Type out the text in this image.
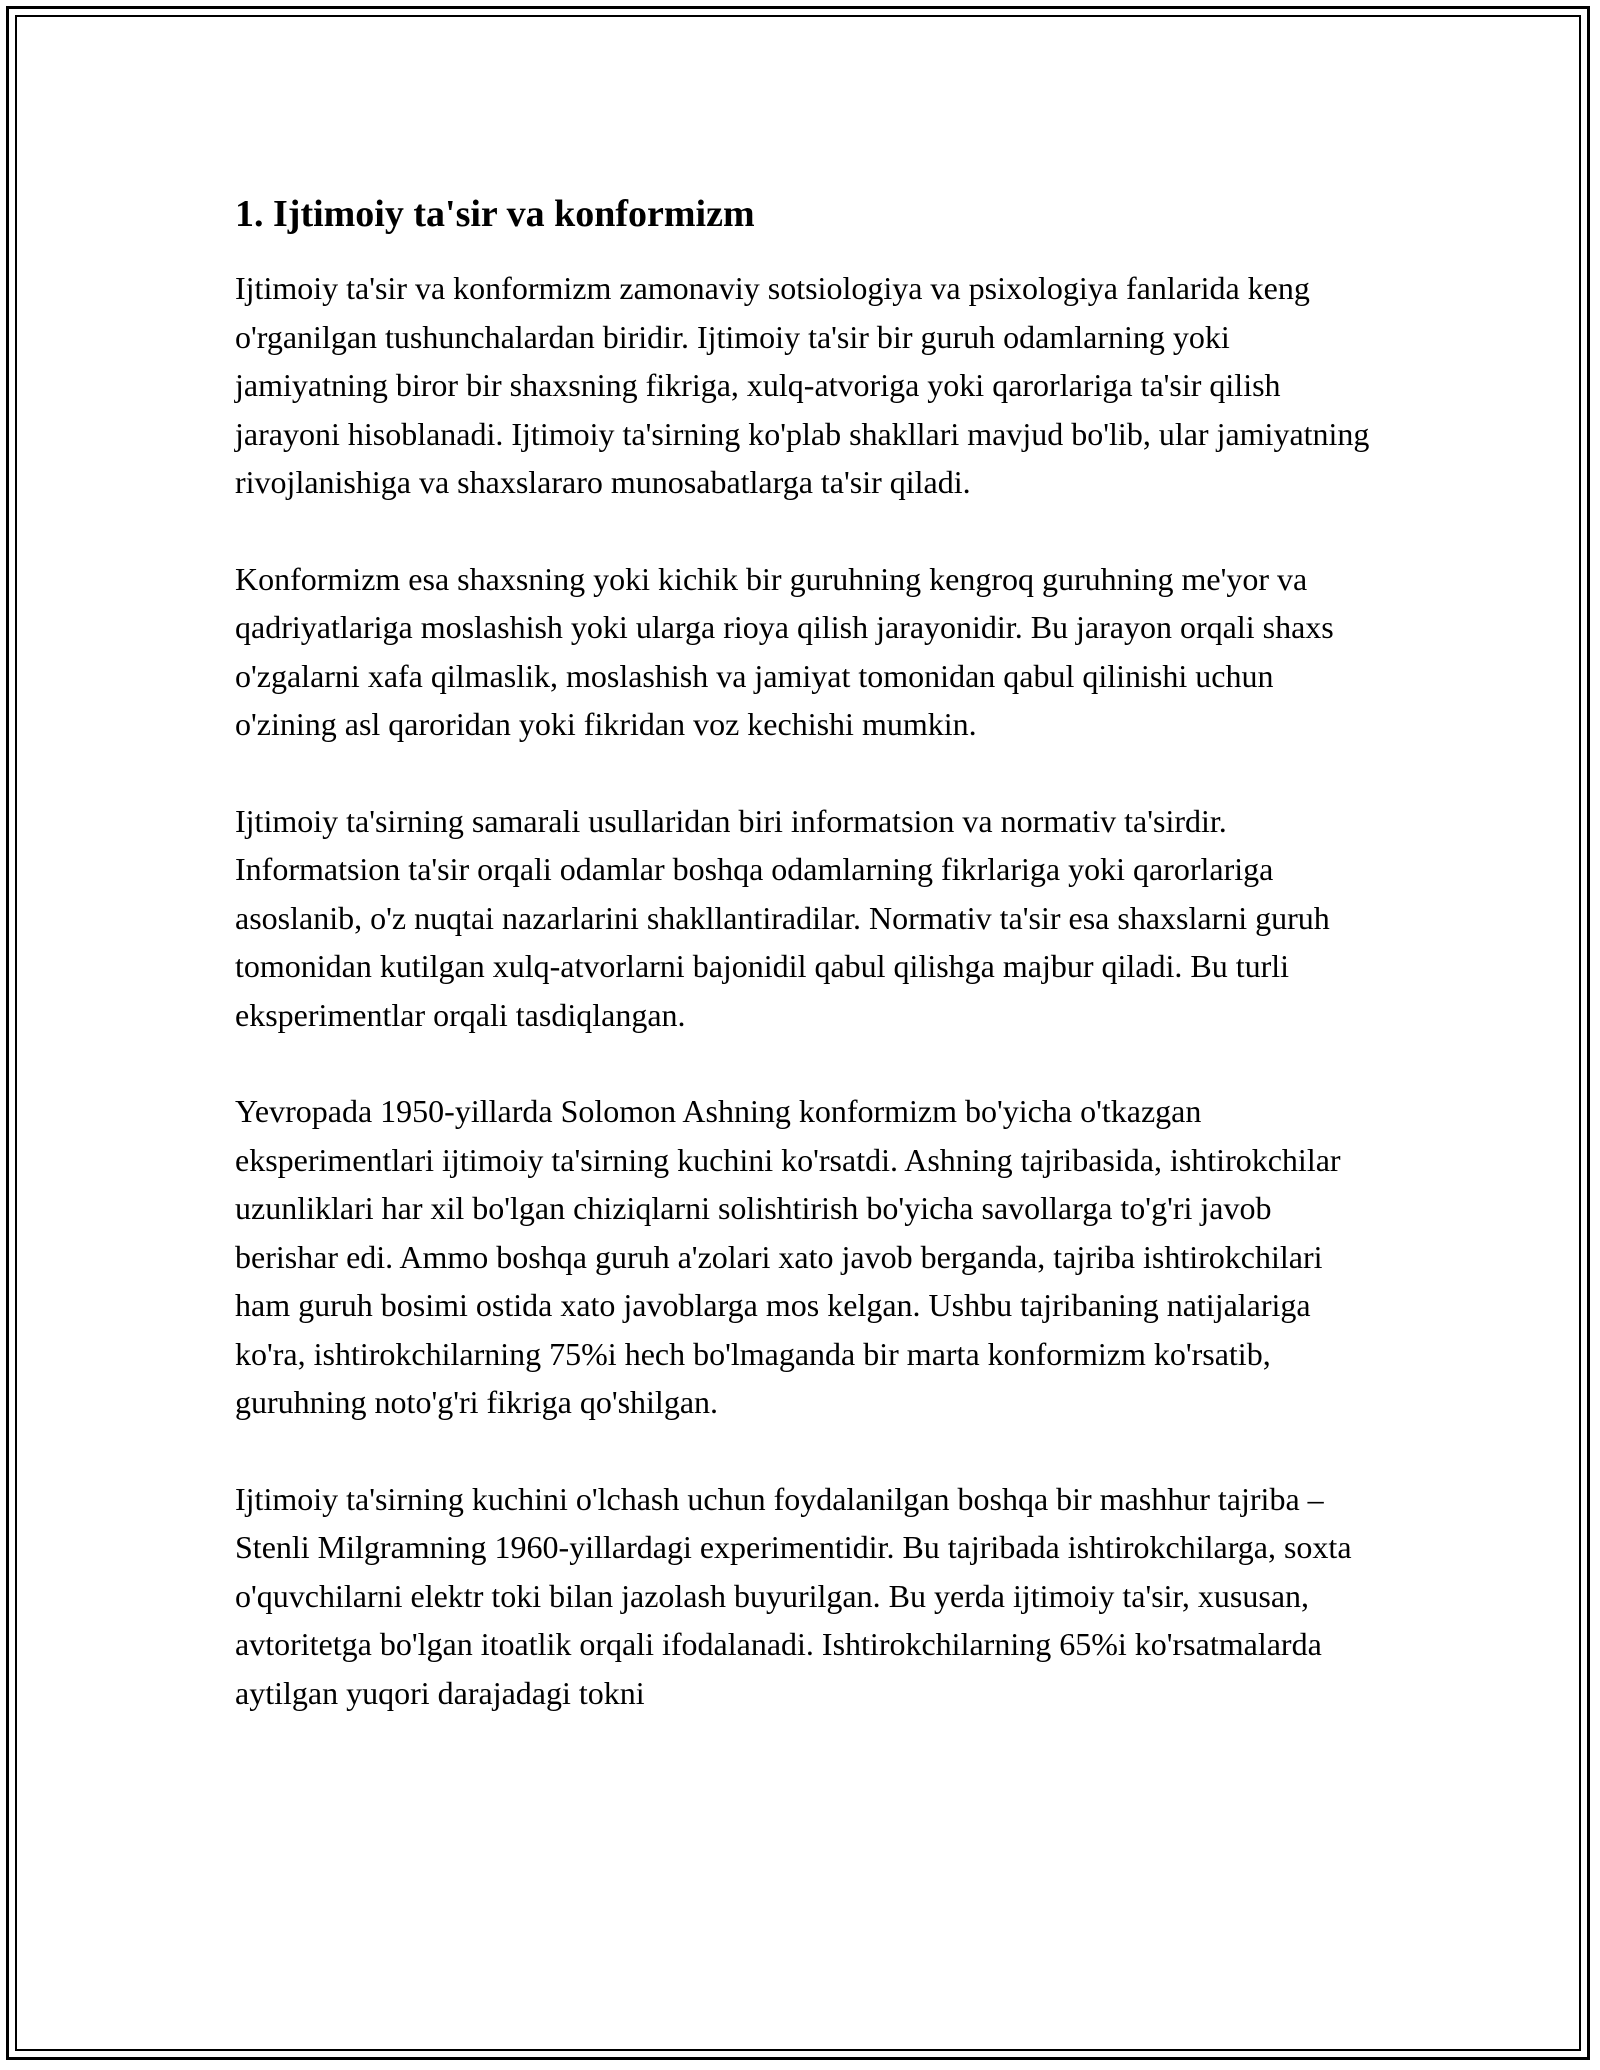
1. Ijtimoiy ta'sir va konformizm

Ijtimoiy ta'sir va konformizm zamonaviy sotsiologiya va psixologiya fanlarida keng o'rganilgan tushunchalardan biridir. Ijtimoiy ta'sir bir guruh odamlarning yoki jamiyatning biror bir shaxsning fikriga, xulq-atvoriga yoki qarorlariga ta'sir qilish jarayoni hisoblanadi. Ijtimoiy ta'sirning ko'plab shakllari mavjud bo'lib, ular jamiyatning rivojlanishiga va shaxslararo munosabatlarga ta'sir qiladi.

Konformizm esa shaxsning yoki kichik bir guruhning kengroq guruhning me'yor va qadriyatlariga moslashish yoki ularga rioya qilish jarayonidir. Bu jarayon orqali shaxs o'zgalarni xafa qilmaslik, moslashish va jamiyat tomonidan qabul qilinishi uchun o'zining asl qaroridan yoki fikridan voz kechishi mumkin.

Ijtimoiy ta'sirning samarali usullaridan biri informatsion va normativ ta'sirdir. Informatsion ta'sir orqali odamlar boshqa odamlarning fikrlariga yoki qarorlariga asoslanib, o'z nuqtai nazarlarini shakllantiradilar. Normativ ta'sir esa shaxslarni guruh tomonidan kutilgan xulq-atvorlarni bajonidil qabul qilishga majbur qiladi. Bu turli eksperimentlar orqali tasdiqlangan.

Yevropada 1950-yillarda Solomon Ashning konformizm bo'yicha o'tkazgan eksperimentlari ijtimoiy ta'sirning kuchini ko'rsatdi. Ashning tajribasida, ishtirokchilar uzunliklari har xil bo'lgan chiziqlarni solishtirish bo'yicha savollarga to'g'ri javob berishar edi. Ammo boshqa guruh a'zolari xato javob berganda, tajriba ishtirokchilari ham guruh bosimi ostida xato javoblarga mos kelgan. Ushbu tajribaning natijalariga ko'ra, ishtirokchilarning 75%i hech bo'lmaganda bir marta konformizm ko'rsatib, guruhning noto'g'ri fikriga qo'shilgan.

Ijtimoiy ta'sirning kuchini o'lchash uchun foydalanilgan boshqa bir mashhur tajriba – Stenli Milgramning 1960-yillardagi experimentidir. Bu tajribada ishtirokchilarga, soxta o'quvchilarni elektr toki bilan jazolash buyurilgan. Bu yerda ijtimoiy ta'sir, xususan, avtoritetga bo'lgan itoatlik orqali ifodalanadi. Ishtirokchilarning 65%i ko'rsatmalarda aytilgan yuqori darajadagi tokni
